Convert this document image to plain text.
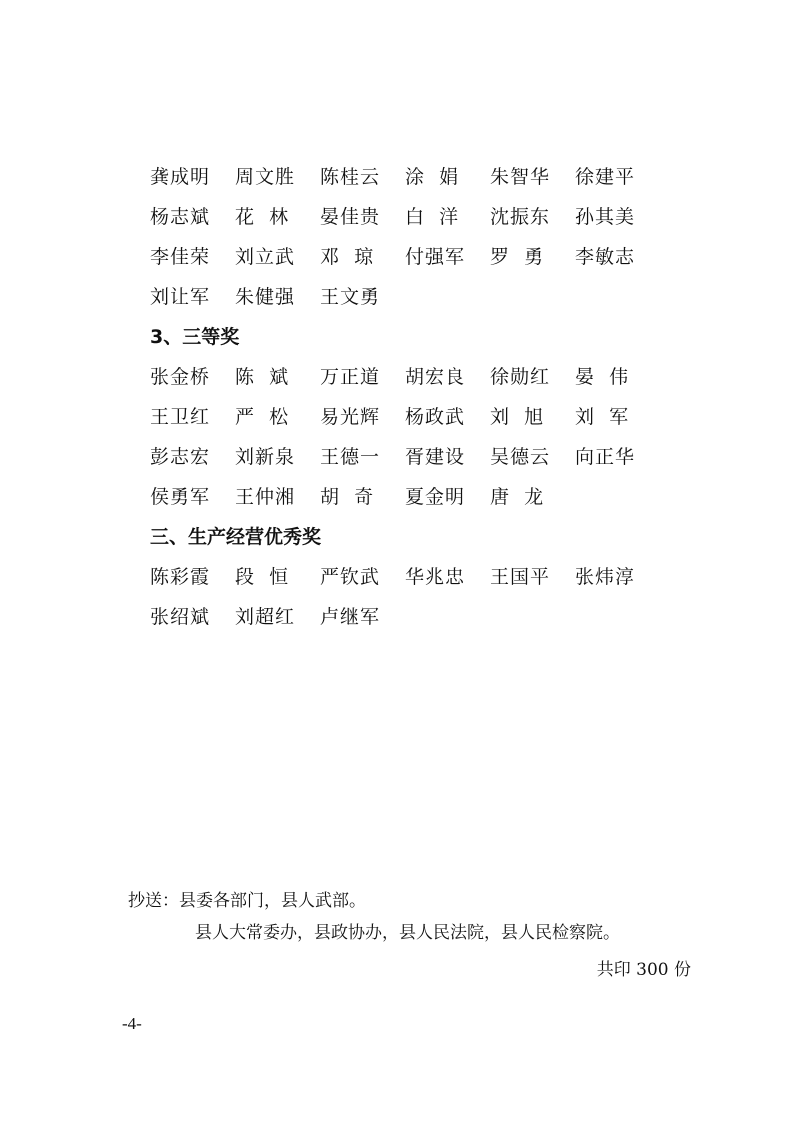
龚成明 周文胜 陈桂云 涂  娟 朱智华 徐建平
杨志斌 花  林 晏佳贵 白  洋 沈振东 孙其美
李佳荣 刘立武 邓  琼 付强军 罗  勇 李敏志
刘让军 朱健强 王文勇
3、三等奖
张金桥 陈  斌 万正道 胡宏良 徐勋红 晏  伟
王卫红 严  松 易光辉 杨政武 刘  旭 刘  军
彭志宏 刘新泉 王德一 胥建设 吴德云 向正华
侯勇军 王仲湘 胡  奇 夏金明 唐  龙
三、生产经营优秀奖
陈彩霞 段  恒 严钦武 华兆忠 王国平 张炜淳
张绍斌 刘超红 卢继军
抄送：县委各部门，县人武部。
县人大常委办，县政协办，县人民法院，县人民检察院。
共印 300 份
-4-
